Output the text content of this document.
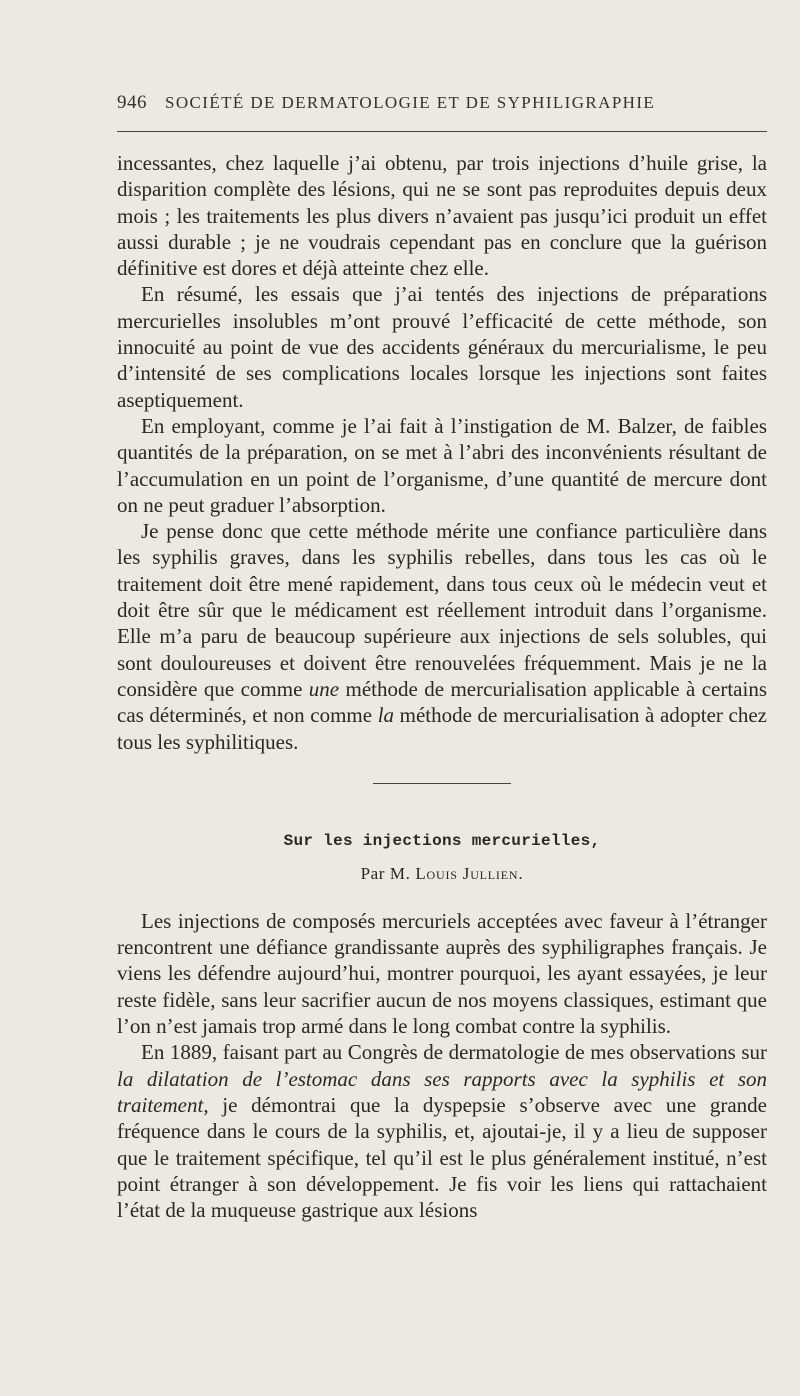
946 SOCIÉTÉ DE DERMATOLOGIE ET DE SYPHILIGRAPHIE

incessantes, chez laquelle j’ai obtenu, par trois injections d’huile grise, la disparition complète des lésions, qui ne se sont pas reproduites depuis deux mois ; les traitements les plus divers n’avaient pas jusqu’ici produit un effet aussi durable ; je ne voudrais cependant pas en conclure que la guérison définitive est dores et déjà atteinte chez elle.

En résumé, les essais que j’ai tentés des injections de préparations mercurielles insolubles m’ont prouvé l’efficacité de cette méthode, son innocuité au point de vue des accidents généraux du mercurialisme, le peu d’intensité de ses complications locales lorsque les injections sont faites aseptiquement.

En employant, comme je l’ai fait à l’instigation de M. Balzer, de faibles quantités de la préparation, on se met à l’abri des inconvénients résultant de l’accumulation en un point de l’organisme, d’une quantité de mercure dont on ne peut graduer l’absorption.

Je pense donc que cette méthode mérite une confiance particulière dans les syphilis graves, dans les syphilis rebelles, dans tous les cas où le traitement doit être mené rapidement, dans tous ceux où le médecin veut et doit être sûr que le médicament est réellement introduit dans l’organisme. Elle m’a paru de beaucoup supérieure aux injections de sels solubles, qui sont douloureuses et doivent être renouvelées fréquemment. Mais je ne la considère que comme une méthode de mercurialisation applicable à certains cas déterminés, et non comme la méthode de mercurialisation à adopter chez tous les syphilitiques.

Sur les injections mercurielles,
Par M. Louis Jullien.

Les injections de composés mercuriels acceptées avec faveur à l’étranger rencontrent une défiance grandissante auprès des syphiligraphes français. Je viens les défendre aujourd’hui, montrer pourquoi, les ayant essayées, je leur reste fidèle, sans leur sacrifier aucun de nos moyens classiques, estimant que l’on n’est jamais trop armé dans le long combat contre la syphilis.

En 1889, faisant part au Congrès de dermatologie de mes observations sur la dilatation de l’estomac dans ses rapports avec la syphilis et son traitement, je démontrai que la dyspepsie s’observe avec une grande fréquence dans le cours de la syphilis, et, ajoutai-je, il y a lieu de supposer que le traitement spécifique, tel qu’il est le plus généralement institué, n’est point étranger à son développement. Je fis voir les liens qui rattachaient l’état de la muqueuse gastrique aux lésions
